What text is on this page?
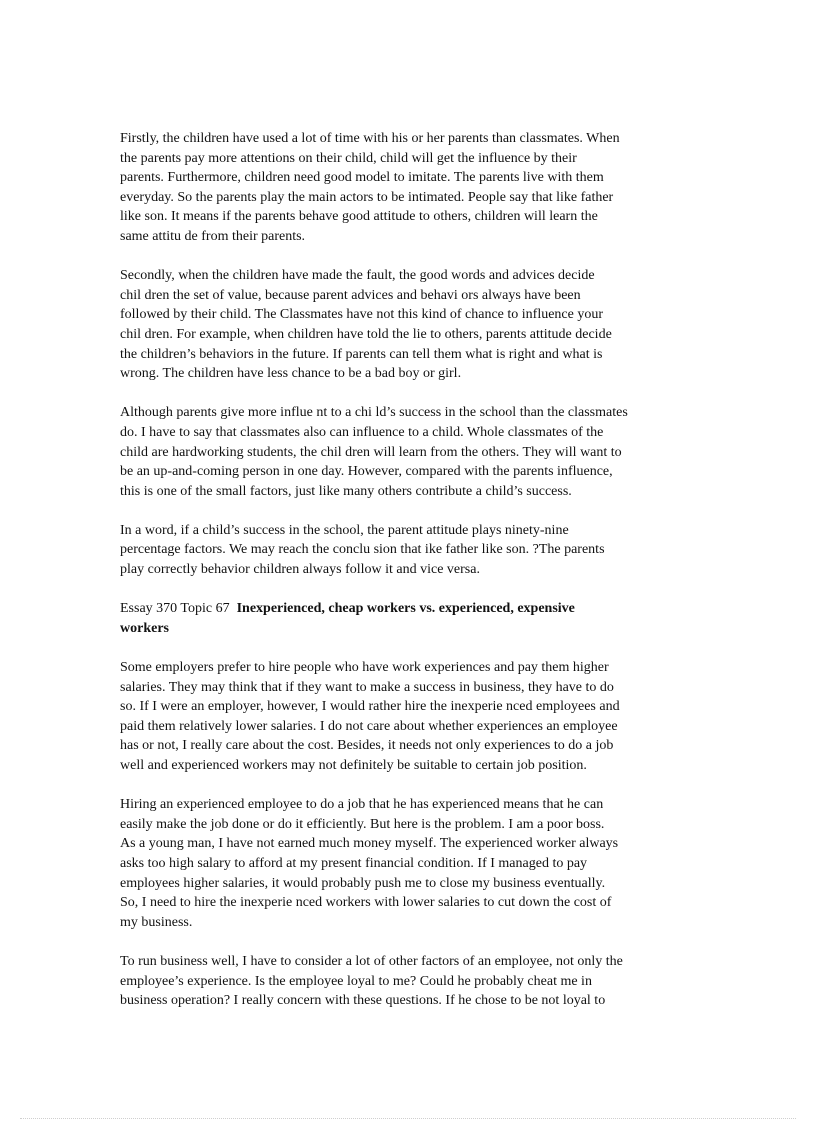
Firstly, the children have used a lot of time with his or her parents than classmates. When
the parents pay more attentions on their child, child will get the influence by their
parents. Furthermore, children need good model to imitate. The parents live with them
everyday. So the parents play the main actors to be intimated. People say that like father
like son. It means if the parents behave good attitude to others, children will learn the
same attitu de from their parents.
Secondly, when the children have made the fault, the good words and advices decide
chil dren the set of value, because parent advices and behavi ors always have been
followed by their child. The Classmates have not this kind of chance to influence your
chil dren. For example, when children have told the lie to others, parents attitude decide
the children’s behaviors in the future. If parents can tell them what is right and what is
wrong. The children have less chance to be a bad boy or girl.
Although parents give more influe nt to a chi ld’s success in the school than the classmates
do. I have to say that classmates also can influence to a child. Whole classmates of the
child are hardworking students, the chil dren will learn from the others. They will want to
be an up-and-coming person in one day. However, compared with the parents influence,
this is one of the small factors, just like many others contribute a child’s success.
In a word, if a child’s success in the school, the parent attitude plays ninety-nine
percentage factors. We may reach the conclu sion that ike father like son. ?The parents
play correctly behavior children always follow it and vice versa.
Essay 370 Topic 67 Inexperienced, cheap workers vs. experienced, expensive
workers
Some employers prefer to hire people who have work experiences and pay them higher
salaries. They may think that if they want to make a success in business, they have to do
so. If I were an employer, however, I would rather hire the inexperie nced employees and
paid them relatively lower salaries. I do not care about whether experiences an employee
has or not, I really care about the cost. Besides, it needs not only experiences to do a job
well and experienced workers may not definitely be suitable to certain job position.
Hiring an experienced employee to do a job that he has experienced means that he can
easily make the job done or do it efficiently. But here is the problem. I am a poor boss.
As a young man, I have not earned much money myself. The experienced worker always
asks too high salary to afford at my present financial condition. If I managed to pay
employees higher salaries, it would probably push me to close my business eventually.
So, I need to hire the inexperie nced workers with lower salaries to cut down the cost of
my business.
To run business well, I have to consider a lot of other factors of an employee, not only the
employee’s experience. Is the employee loyal to me? Could he probably cheat me in
business operation? I really concern with these questions. If he chose to be not loyal to
